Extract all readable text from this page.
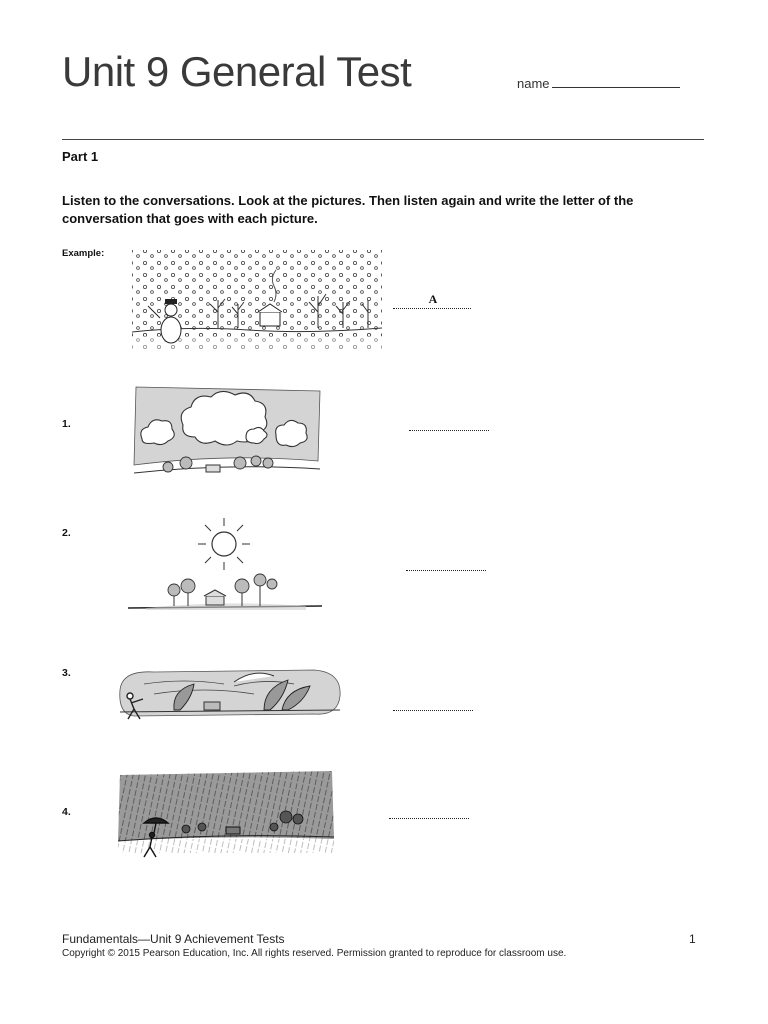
Unit 9 General Test	name
Part 1
Listen to the conversations. Look at the pictures. Then listen again and write the letter of the conversation that goes with each picture.
Example:
A
1.
2.
3.
4.
Fundamentals—Unit 9 Achievement Tests	1
Copyright © 2015 Pearson Education, Inc. All rights reserved. Permission granted to reproduce for classroom use.
